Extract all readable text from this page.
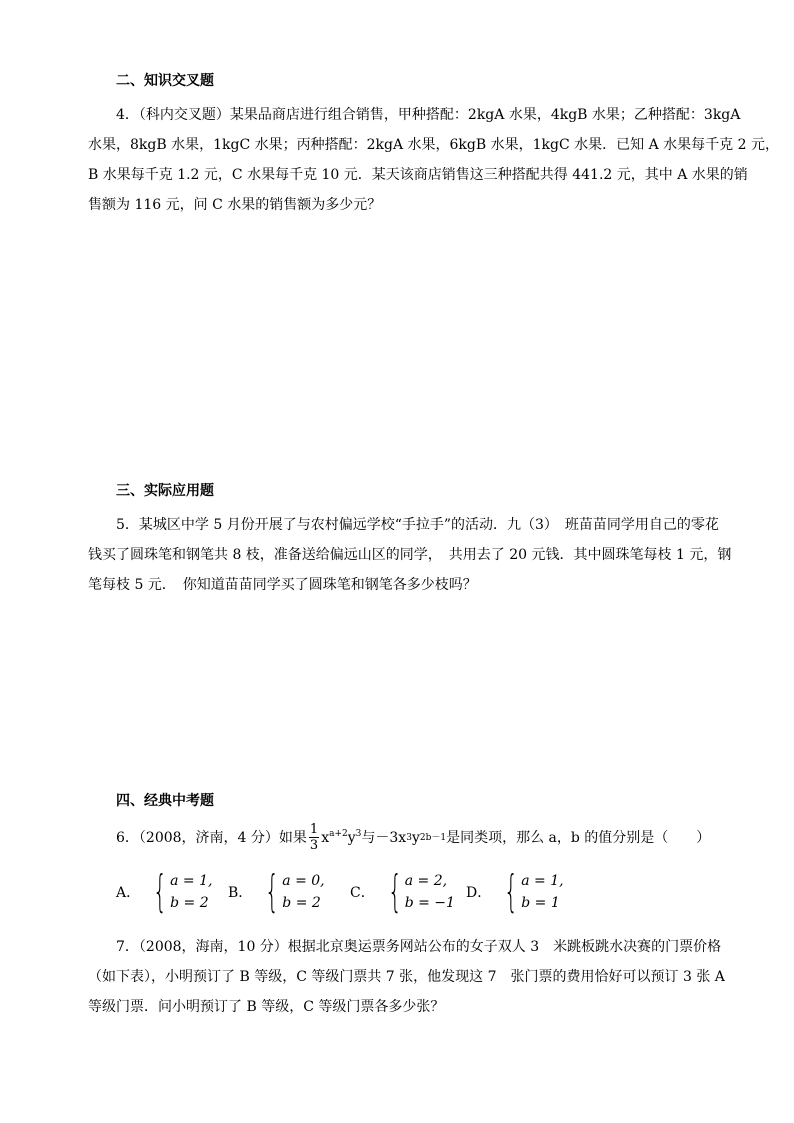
二、知识交叉题
4．（科内交叉题）某果品商店进行组合销售，甲种搭配：2kgA 水果，4kgB 水果；乙种搭配：3kgA
水果，8kgB 水果，1kgC 水果；丙种搭配：2kgA 水果，6kgB 水果，1kgC 水果．已知 A 水果每千克 2 元，
B 水果每千克 1.2 元，C 水果每千克 10 元．某天该商店销售这三种搭配共得 441.2 元，其中 A 水果的销
售额为 116 元，问 C 水果的销售额为多少元？
三、实际应用题
5．某城区中学 5 月份开展了与农村偏远学校“手拉手”的活动．九（3）　班苗苗同学用自己的零花
钱买了圆珠笔和钢笔共 8 枝，准备送给偏远山区的同学，　共用去了 20 元钱．其中圆珠笔每枝 1 元，钢
笔每枝 5 元．　你知道苗苗同学买了圆珠笔和钢笔各多少枝吗？
四、经典中考题
6．（2008，济南，4 分）如果 $\frac{1}{3} x^{a+2}y^3$ 与－3x 3 y 2b－1 是同类项，那么 a，b 的值分别是（　　）
A． { a = 1,
b = 2
B． { a = 0,
b = 2
C． { a = 2,
b = −1
D． { a = 1,
b = 1
7．（2008，海南，10 分）根据北京奥运票务网站公布的女子双人 3　米跳板跳水决赛的门票价格
（如下表），小明预订了 B 等级，C 等级门票共 7 张，他发现这 7　张门票的费用恰好可以预订 3 张 A
等级门票．问小明预订了 B 等级，C 等级门票各多少张？
